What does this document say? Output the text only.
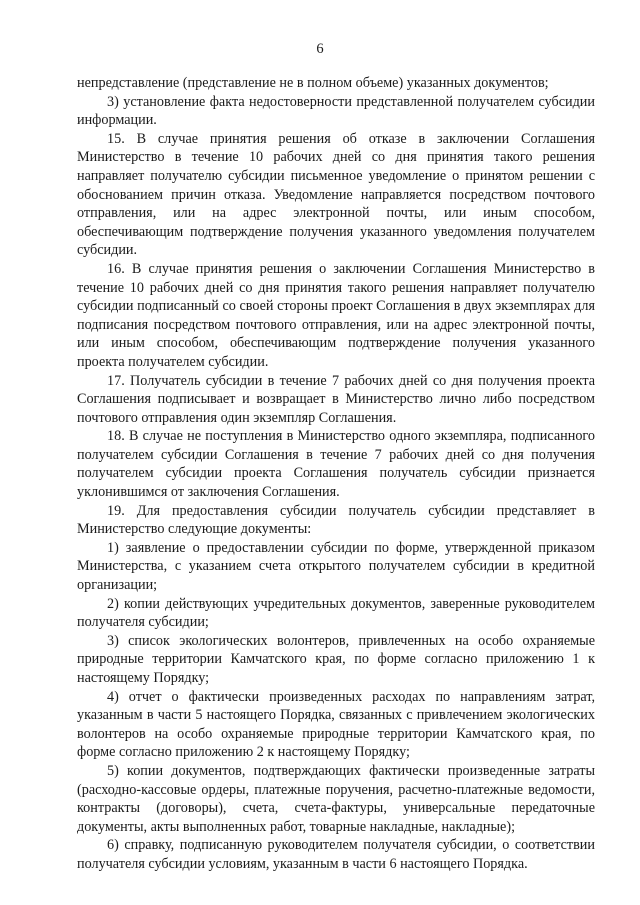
6

непредставление (представление не в полном объеме) указанных документов;

3) установление факта недостоверности представленной получателем субсидии информации.

15. В случае принятия решения об отказе в заключении Соглашения Министерство в течение 10 рабочих дней со дня принятия такого решения направляет получателю субсидии письменное уведомление о принятом решении с обоснованием причин отказа. Уведомление направляется посредством почтового отправления, или на адрес электронной почты, или иным способом, обеспечивающим подтверждение получения указанного уведомления получателем субсидии.

16. В случае принятия решения о заключении Соглашения Министерство в течение 10 рабочих дней со дня принятия такого решения направляет получателю субсидии подписанный со своей стороны проект Соглашения в двух экземплярах для подписания посредством почтового отправления, или на адрес электронной почты, или иным способом, обеспечивающим подтверждение получения указанного проекта получателем субсидии.

17. Получатель субсидии в течение 7 рабочих дней со дня получения проекта Соглашения подписывает и возвращает в Министерство лично либо посредством почтового отправления один экземпляр Соглашения.

18. В случае не поступления в Министерство одного экземпляра, подписанного получателем субсидии Соглашения в течение 7 рабочих дней со дня получения получателем субсидии проекта Соглашения получатель субсидии признается уклонившимся от заключения Соглашения.

19. Для предоставления субсидии получатель субсидии представляет в Министерство следующие документы:

1) заявление о предоставлении субсидии по форме, утвержденной приказом Министерства, с указанием счета открытого получателем субсидии в кредитной организации;

2) копии действующих учредительных документов, заверенные руководителем получателя субсидии;

3) список экологических волонтеров, привлеченных на особо охраняемые природные территории Камчатского края, по форме согласно приложению 1 к настоящему Порядку;

4) отчет о фактически произведенных расходах по направлениям затрат, указанным в части 5 настоящего Порядка, связанных с привлечением экологических волонтеров на особо охраняемые природные территории Камчатского края, по форме согласно приложению 2 к настоящему Порядку;

5) копии документов, подтверждающих фактически произведенные затраты (расходно-кассовые ордеры, платежные поручения, расчетно-платежные ведомости, контракты (договоры), счета, счета-фактуры, универсальные передаточные документы, акты выполненных работ, товарные накладные, накладные);

6) справку, подписанную руководителем получателя субсидии, о соответствии получателя субсидии условиям, указанным в части 6 настоящего Порядка.
